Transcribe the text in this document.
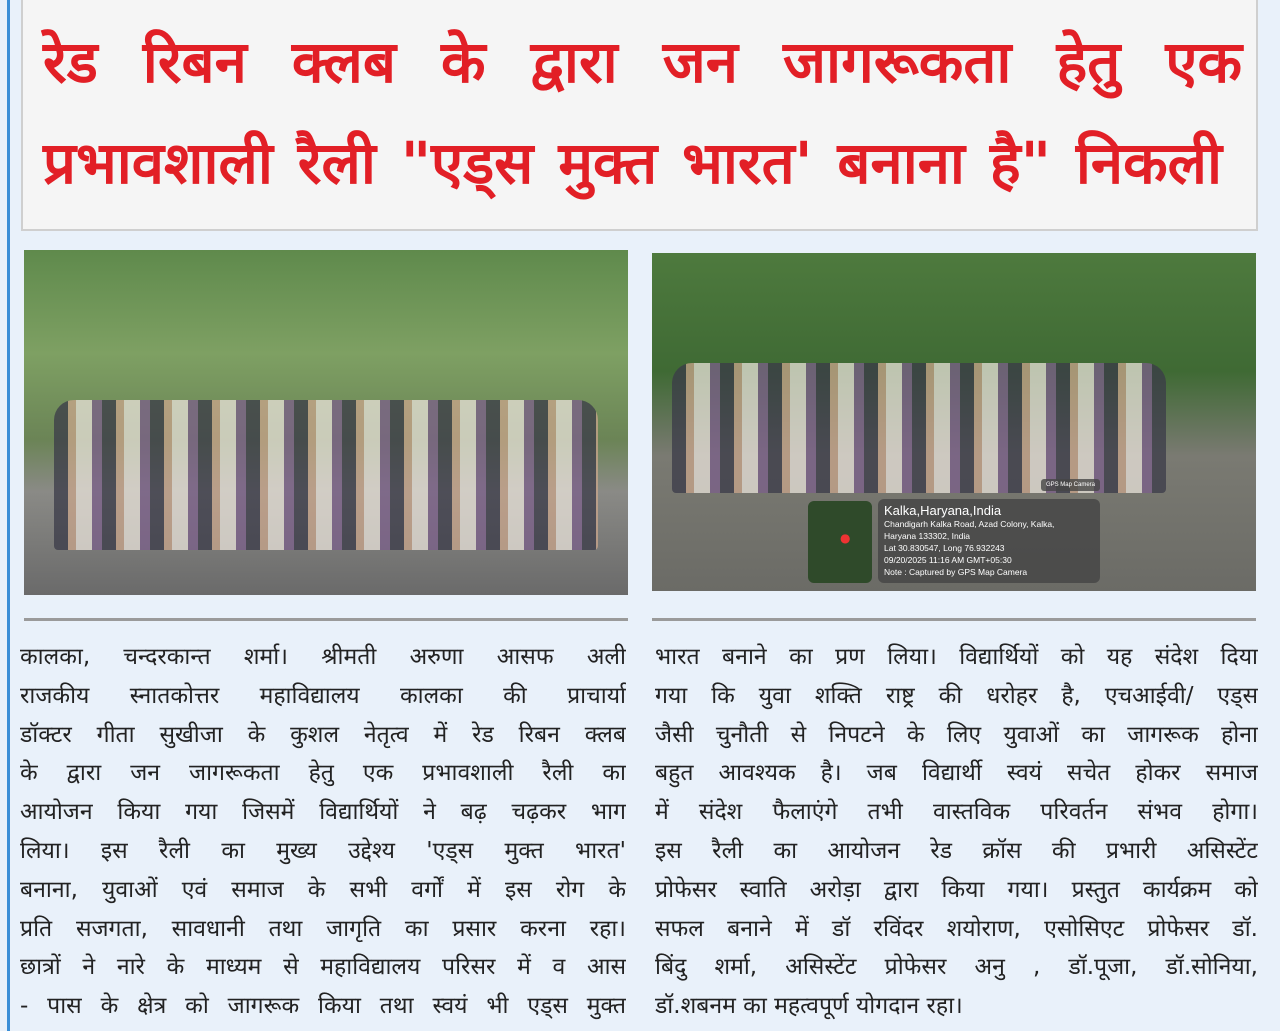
रेड रिबन क्लब के द्वारा जन जागरूकता हेतु एक
प्रभावशाली रैली "एड्स मुक्त भारत' बनाना है" निकली
GPS Map Camera
●
Kalka,Haryana,India
Chandigarh Kalka Road, Azad Colony, Kalka,
Haryana 133302, India
Lat 30.830547, Long 76.932243
09/20/2025 11:16 AM GMT+05:30
Note : Captured by GPS Map Camera
कालका, चन्दरकान्त शर्मा। श्रीमती अरुणा आसफ अली
राजकीय स्नातकोत्तर महाविद्यालय कालका की प्राचार्या
डॉक्टर गीता सुखीजा के कुशल नेतृत्व में रेड रिबन क्लब
के द्वारा जन जागरूकता हेतु एक प्रभावशाली रैली का
आयोजन किया गया जिसमें विद्यार्थियों ने बढ़ चढ़कर भाग
लिया। इस रैली का मुख्य उद्देश्य 'एड्स मुक्त भारत'
बनाना, युवाओं एवं समाज के सभी वर्गों में इस रोग के
प्रति सजगता, सावधानी तथा जागृति का प्रसार करना रहा।
छात्रों ने नारे के माध्यम से महाविद्यालय परिसर में व आस
- पास के क्षेत्र को जागरूक किया तथा स्वयं भी एड्स मुक्त
भारत बनाने का प्रण लिया। विद्यार्थियों को यह संदेश दिया
गया कि युवा शक्ति राष्ट्र की धरोहर है, एचआईवी/ एड्स
जैसी चुनौती से निपटने के लिए युवाओं का जागरूक होना
बहुत आवश्यक है। जब विद्यार्थी स्वयं सचेत होकर समाज
में संदेश फैलाएंगे तभी वास्तविक परिवर्तन संभव होगा।
इस रैली का आयोजन रेड क्रॉस की प्रभारी असिस्टेंट
प्रोफेसर स्वाति अरोड़ा द्वारा किया गया। प्रस्तुत कार्यक्रम को
सफल बनाने में डॉ रविंदर शयोराण, एसोसिएट प्रोफेसर डॉ.
बिंदु शर्मा, असिस्टेंट प्रोफेसर अनु , डॉ.पूजा, डॉ.सोनिया,
डॉ.शबनम का महत्वपूर्ण योगदान रहा।
